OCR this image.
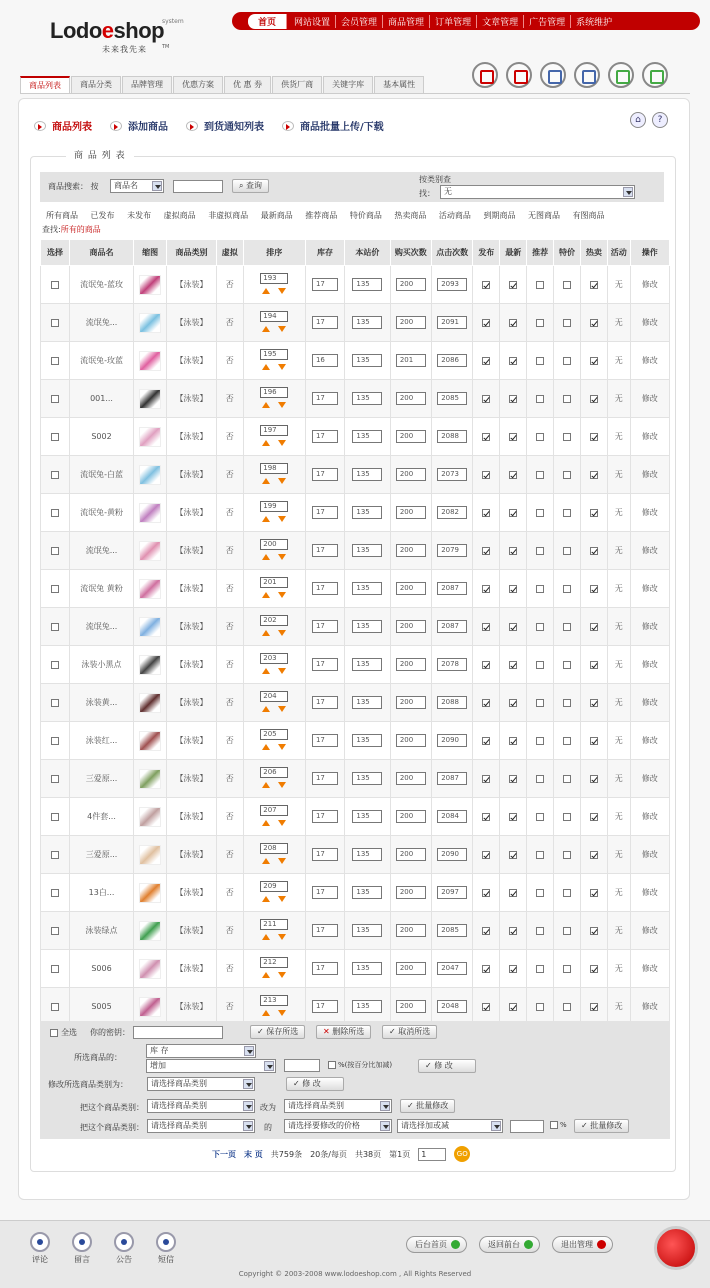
Lodoeshop
system
未来我先来	TM
首页	网站设置	会员管理	商品管理	订单管理	文章管理	广告管理	系统维护
商品列表	商品分类	品牌管理	优惠方案	优 惠 券	供货厂商	关键字库	基本属性
商品列表	添加商品	到货通知列表	商品批量上传/下载
⌂	?
商 品 列 表
商品搜索： 按	商品名	⌕ 查询
按类别查
找：	无
所有商品 已发布 未发布 虚拟商品 非虚拟商品 最新商品 推荐商品 特价商品 热卖商品 活动商品 到期商品 无图商品 有图商品
查找:所有的商品
选择	商品名	缩图	商品类别	虚拟	排序	库存	本站价	购买次数	点击次数	发布	最新	推荐	特价	热卖	活动	操作
	流氓兔-蓝玫		【泳装】	否	193	17	135	200	2093						无	修改
	流氓兔...		【泳装】	否	194	17	135	200	2091						无	修改
	流氓兔-玫蓝		【泳装】	否	195	16	135	201	2086						无	修改
	001...		【泳装】	否	196	17	135	200	2085						无	修改
	S002		【泳装】	否	197	17	135	200	2088						无	修改
	流氓兔-白蓝		【泳装】	否	198	17	135	200	2073						无	修改
	流氓兔-黄粉		【泳装】	否	199	17	135	200	2082						无	修改
	流氓兔...		【泳装】	否	200	17	135	200	2079						无	修改
	流氓兔 黄粉		【泳装】	否	201	17	135	200	2087						无	修改
	流氓兔...		【泳装】	否	202	17	135	200	2087						无	修改
	泳装小黑点		【泳装】	否	203	17	135	200	2078						无	修改
	泳装黄...		【泳装】	否	204	17	135	200	2088						无	修改
	泳装红...		【泳装】	否	205	17	135	200	2090						无	修改
	三爱原...		【泳装】	否	206	17	135	200	2087						无	修改
	4件套...		【泳装】	否	207	17	135	200	2084						无	修改
	三爱原...		【泳装】	否	208	17	135	200	2090						无	修改
	13白...		【泳装】	否	209	17	135	200	2097						无	修改
	泳装绿点		【泳装】	否	211	17	135	200	2085						无	修改
	S006		【泳装】	否	212	17	135	200	2047						无	修改
	S005		【泳装】	否	213	17	135	200	2048						无	修改
全选 你的密钥：	✓ 保存所选	✕ 删除所选	✓ 取消所选
所选商品的：
库 存
增加	%(按百分比加减)	✓ 修 改
修改所选商品类别为：	请选择商品类别	✓ 修 改
把这个商品类别： 请选择商品类别	改为	请选择商品类别	✓ 批量修改
把这个商品类别： 请选择商品类别	的	请选择要修改的价格	请选择加或减	%	✓ 批量修改
下一页 末 页 共759条 20条/每页 共38页 第1页	1	GO
评论	留言	公告	短信
后台首页	返回前台	退出管理
Copyright © 2003-2008 www.lodoeshop.com , All Rights Reserved
